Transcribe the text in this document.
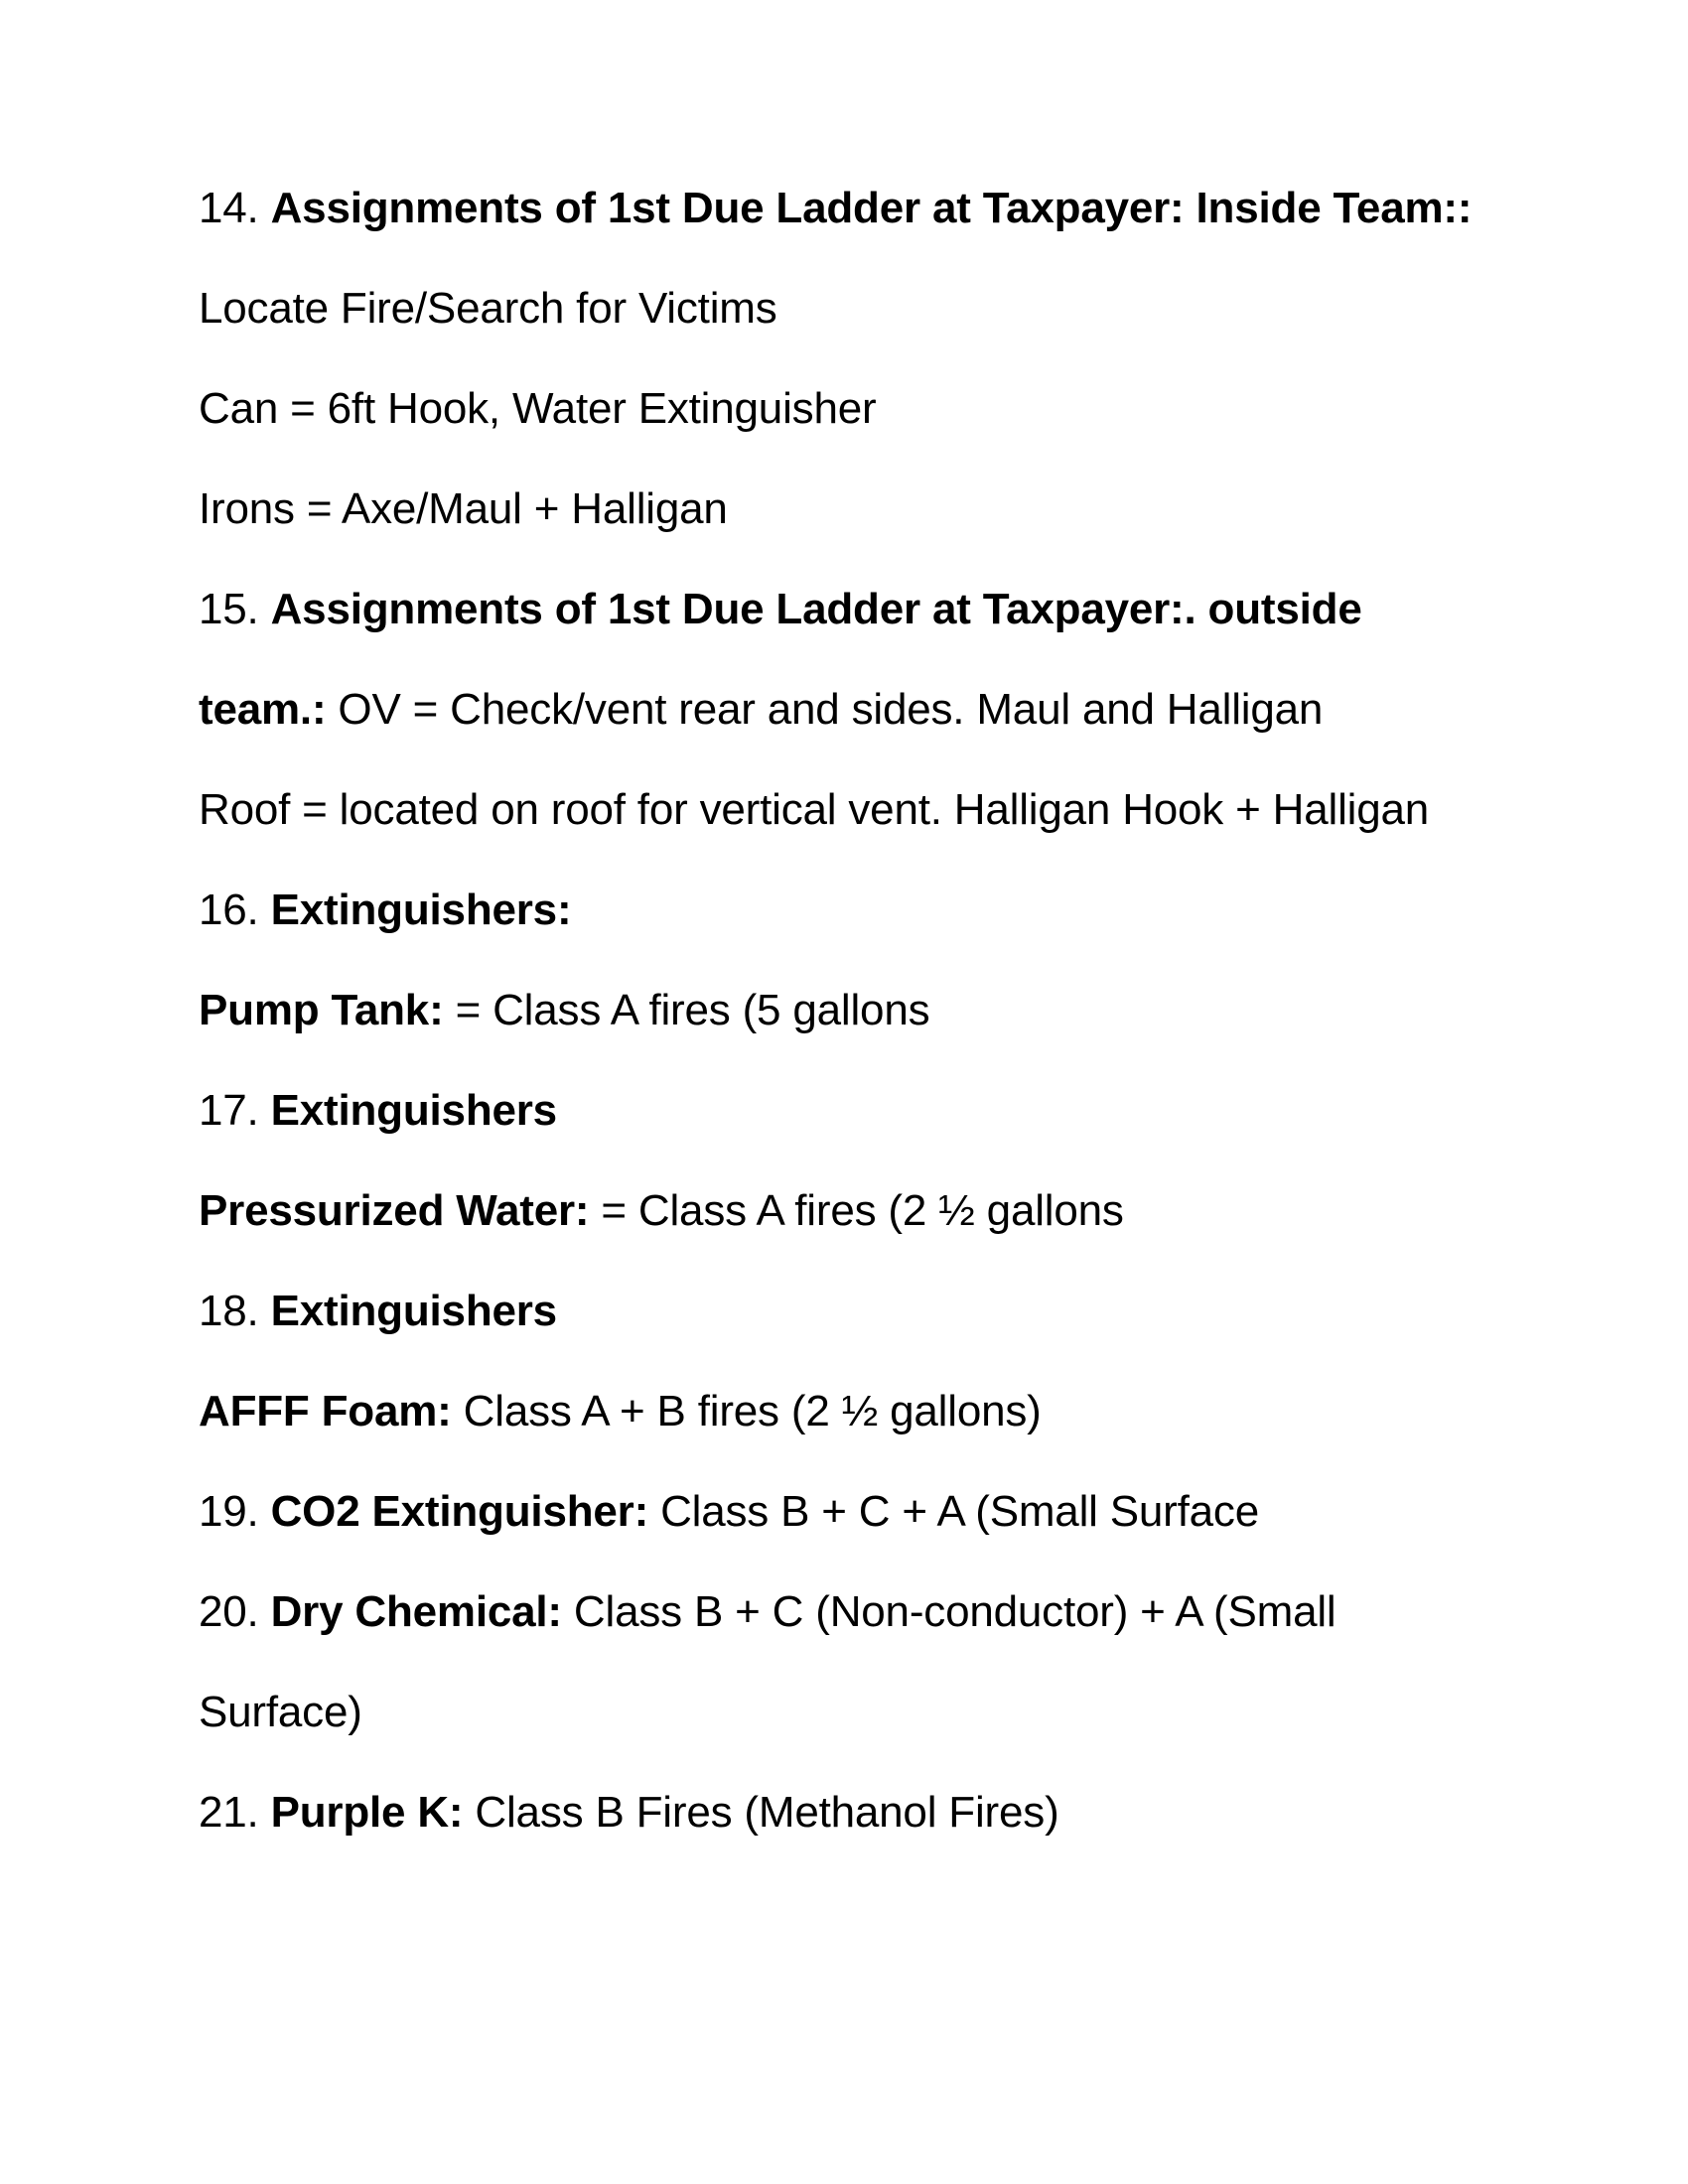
14. Assignments of 1st Due Ladder at Taxpayer: Inside Team::
Locate Fire/Search for Victims
Can = 6ft Hook, Water Extinguisher
Irons = Axe/Maul + Halligan
15. Assignments of 1st Due Ladder at Taxpayer:. outside
team.: OV = Check/vent rear and sides. Maul and Halligan
Roof = located on roof for vertical vent. Halligan Hook + Halligan
16. Extinguishers:
Pump Tank: = Class A fires (5 gallons
17. Extinguishers
Pressurized Water: = Class A fires (2 ½ gallons
18. Extinguishers
AFFF Foam: Class A + B fires (2 ½ gallons)
19. CO2 Extinguisher: Class B + C + A (Small Surface
20. Dry Chemical: Class B + C (Non-conductor) + A (Small
Surface)
21. Purple K: Class B Fires (Methanol Fires)
